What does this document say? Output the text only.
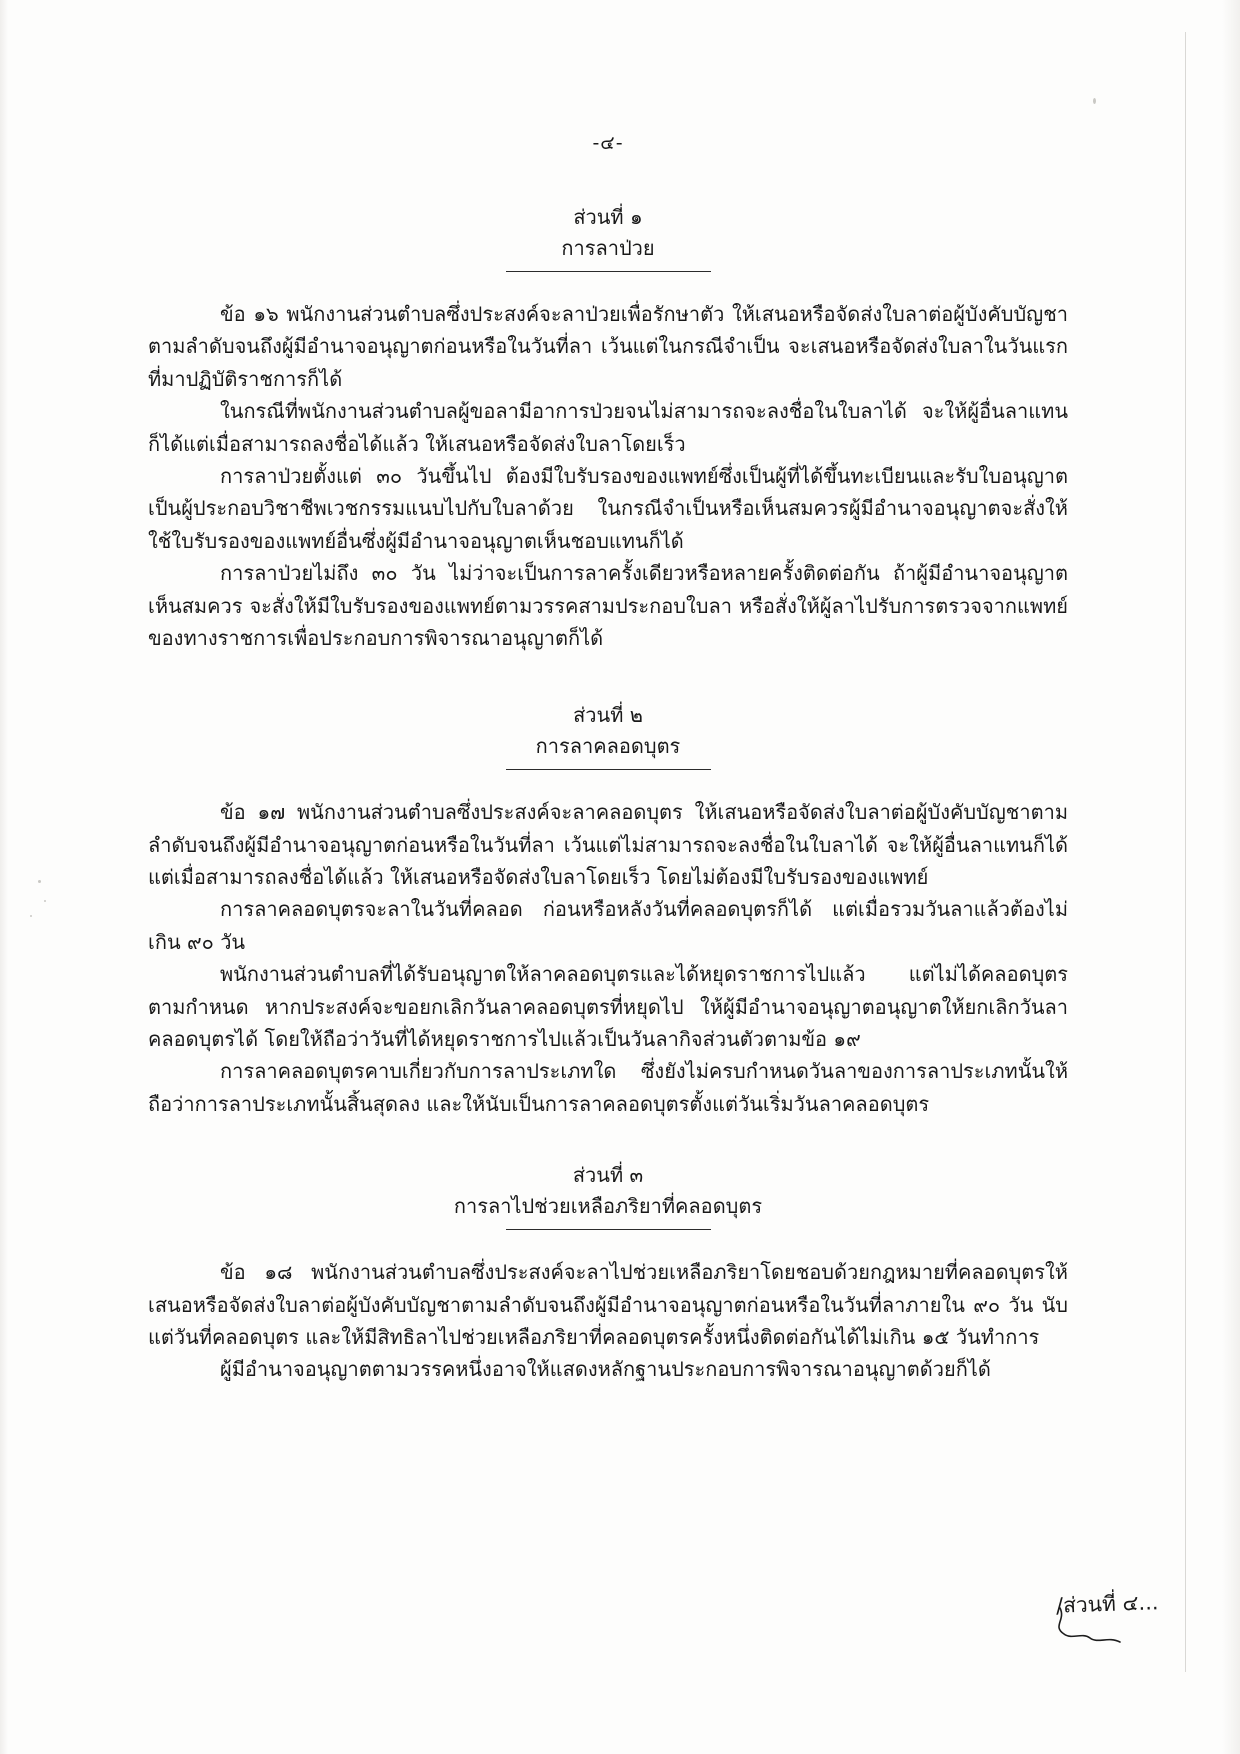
-๔-
ส่วนที่ ๑
การลาป่วย

ข้อ ๑๖ พนักงานส่วนตำบลซึ่งประสงค์จะลาป่วยเพื่อรักษาตัว ให้เสนอหรือจัดส่งใบลาต่อผู้บังคับบัญชาตามลำดับจนถึงผู้มีอำนาจอนุญาตก่อนหรือในวันที่ลา เว้นแต่ในกรณีจำเป็น จะเสนอหรือจัดส่งใบลาในวันแรกที่มาปฏิบัติราชการก็ได้

ในกรณีที่พนักงานส่วนตำบลผู้ขอลามีอาการป่วยจนไม่สามารถจะลงชื่อในใบลาได้ จะให้ผู้อื่นลาแทนก็ได้แต่เมื่อสามารถลงชื่อได้แล้ว ให้เสนอหรือจัดส่งใบลาโดยเร็ว

การลาป่วยตั้งแต่ ๓๐ วันขึ้นไป ต้องมีใบรับรองของแพทย์ซึ่งเป็นผู้ที่ได้ขึ้นทะเบียนและรับใบอนุญาตเป็นผู้ประกอบวิชาชีพเวชกรรมแนบไปกับใบลาด้วย ในกรณีจำเป็นหรือเห็นสมควรผู้มีอำนาจอนุญาตจะสั่งให้ใช้ใบรับรองของแพทย์อื่นซึ่งผู้มีอำนาจอนุญาตเห็นชอบแทนก็ได้

การลาป่วยไม่ถึง ๓๐ วัน ไม่ว่าจะเป็นการลาครั้งเดียวหรือหลายครั้งติดต่อกัน ถ้าผู้มีอำนาจอนุญาตเห็นสมควร จะสั่งให้มีใบรับรองของแพทย์ตามวรรคสามประกอบใบลา หรือสั่งให้ผู้ลาไปรับการตรวจจากแพทย์ของทางราชการเพื่อประกอบการพิจารณาอนุญาตก็ได้

ส่วนที่ ๒
การลาคลอดบุตร

ข้อ ๑๗ พนักงานส่วนตำบลซึ่งประสงค์จะลาคลอดบุตร ให้เสนอหรือจัดส่งใบลาต่อผู้บังคับบัญชาตามลำดับจนถึงผู้มีอำนาจอนุญาตก่อนหรือในวันที่ลา เว้นแต่ไม่สามารถจะลงชื่อในใบลาได้ จะให้ผู้อื่นลาแทนก็ได้แต่เมื่อสามารถลงชื่อได้แล้ว ให้เสนอหรือจัดส่งใบลาโดยเร็ว โดยไม่ต้องมีใบรับรองของแพทย์

การลาคลอดบุตรจะลาในวันที่คลอด ก่อนหรือหลังวันที่คลอดบุตรก็ได้ แต่เมื่อรวมวันลาแล้วต้องไม่เกิน ๙๐ วัน

พนักงานส่วนตำบลที่ได้รับอนุญาตให้ลาคลอดบุตรและได้หยุดราชการไปแล้ว แต่ไม่ได้คลอดบุตรตามกำหนด หากประสงค์จะขอยกเลิกวันลาคลอดบุตรที่หยุดไป ให้ผู้มีอำนาจอนุญาตอนุญาตให้ยกเลิกวันลาคลอดบุตรได้ โดยให้ถือว่าวันที่ได้หยุดราชการไปแล้วเป็นวันลากิจส่วนตัวตามข้อ ๑๙

การลาคลอดบุตรคาบเกี่ยวกับการลาประเภทใด ซึ่งยังไม่ครบกำหนดวันลาของการลาประเภทนั้นให้ถือว่าการลาประเภทนั้นสิ้นสุดลง และให้นับเป็นการลาคลอดบุตรตั้งแต่วันเริ่มวันลาคลอดบุตร

ส่วนที่ ๓
การลาไปช่วยเหลือภริยาที่คลอดบุตร

ข้อ ๑๘ พนักงานส่วนตำบลซึ่งประสงค์จะลาไปช่วยเหลือภริยาโดยชอบด้วยกฎหมายที่คลอดบุตรให้เสนอหรือจัดส่งใบลาต่อผู้บังคับบัญชาตามลำดับจนถึงผู้มีอำนาจอนุญาตก่อนหรือในวันที่ลาภายใน ๙๐ วัน นับแต่วันที่คลอดบุตร และให้มีสิทธิลาไปช่วยเหลือภริยาที่คลอดบุตรครั้งหนึ่งติดต่อกันได้ไม่เกิน ๑๕ วันทำการ

ผู้มีอำนาจอนุญาตตามวรรคหนึ่งอาจให้แสดงหลักฐานประกอบการพิจารณาอนุญาตด้วยก็ได้

/ส่วนที่ ๔...
